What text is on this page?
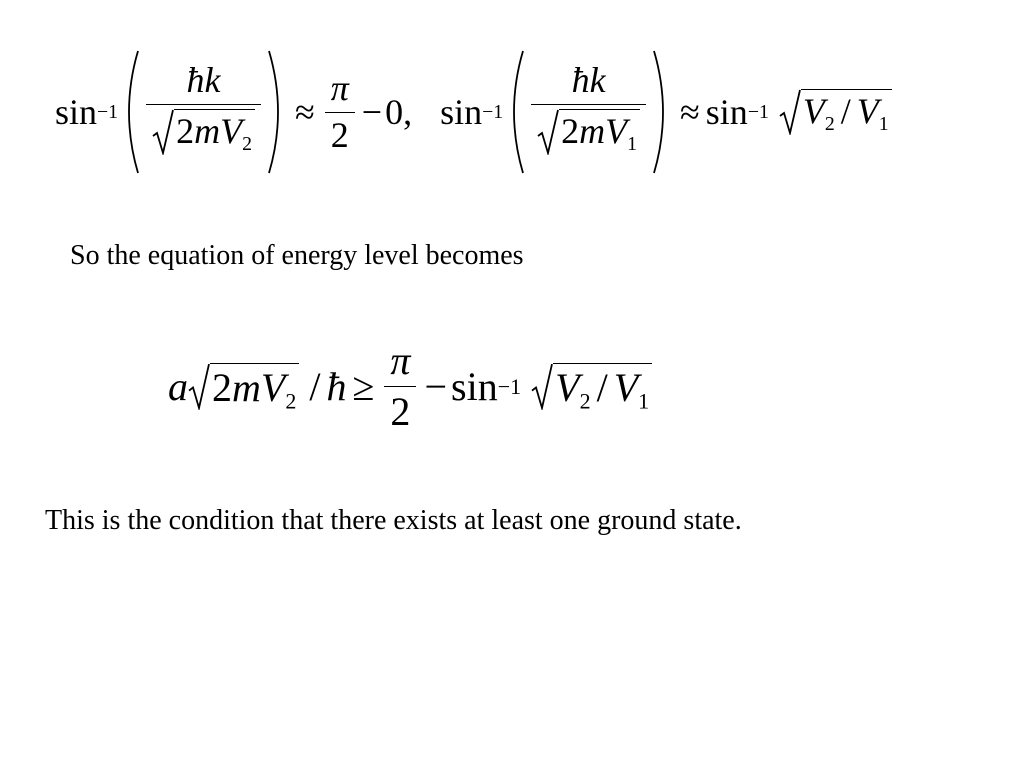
$\sin -1 \frac{ħk}{2mV_2} \approx \frac{\pi}{2} - 0$, $\sin -1 \frac{ħk}{2mV_1} \approx \sin -1$ $V_2 / V_1$
So the equation of energy level becomes
a $2mV_2$ / ħ ≥ $\frac{\pi}{2} - \sin -1$ $V_2 / V_1$
This is the condition that there exists at least one ground state.
